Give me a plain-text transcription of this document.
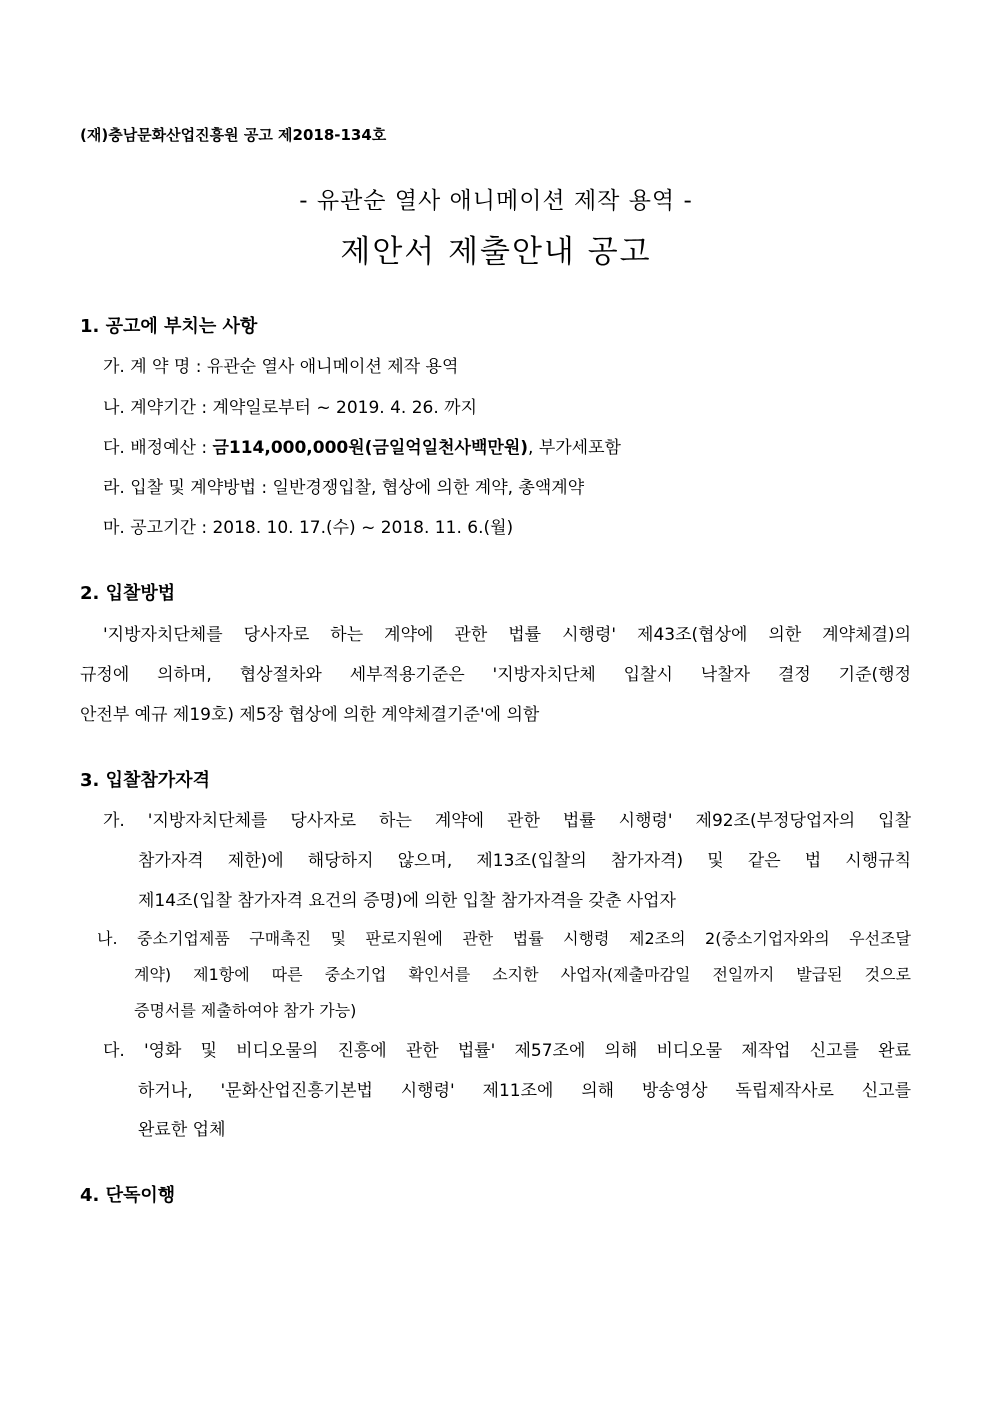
(재)충남문화산업진흥원 공고 제2018-134호
- 유관순 열사 애니메이션 제작 용역 -
제안서 제출안내 공고
1. 공고에 부치는 사항
가. 계 약 명 : 유관순 열사 애니메이션 제작 용역
나. 계약기간 : 계약일로부터 ~ 2019. 4. 26. 까지
다. 배정예산 : 금114,000,000원(금일억일천사백만원), 부가세포함
라. 입찰 및 계약방법 : 일반경쟁입찰, 협상에 의한 계약, 총액계약
마. 공고기간 : 2018. 10. 17.(수) ~ 2018. 11. 6.(월)
2. 입찰방법
'지방자치단체를 당사자로 하는 계약에 관한 법률 시행령' 제43조(협상에 의한 계약체결)의
규정에 의하며, 협상절차와 세부적용기준은 '지방자치단체 입찰시 낙찰자 결정 기준(행정
안전부 예규 제19호) 제5장 협상에 의한 계약체결기준'에 의함
3. 입찰참가자격
가. '지방자치단체를 당사자로 하는 계약에 관한 법률 시행령' 제92조(부정당업자의 입찰
참가자격 제한)에 해당하지 않으며, 제13조(입찰의 참가자격) 및 같은 법 시행규칙
제14조(입찰 참가자격 요건의 증명)에 의한 입찰 참가자격을 갖춘 사업자
나. 중소기업제품 구매촉진 및 판로지원에 관한 법률 시행령 제2조의 2(중소기업자와의 우선조달
계약) 제1항에 따른 중소기업 확인서를 소지한 사업자(제출마감일 전일까지 발급된 것으로
증명서를 제출하여야 참가 가능)
다. '영화 및 비디오물의 진흥에 관한 법률' 제57조에 의해 비디오물 제작업 신고를 완료
하거나, '문화산업진흥기본법 시행령' 제11조에 의해 방송영상 독립제작사로 신고를
완료한 업체
4. 단독이행
